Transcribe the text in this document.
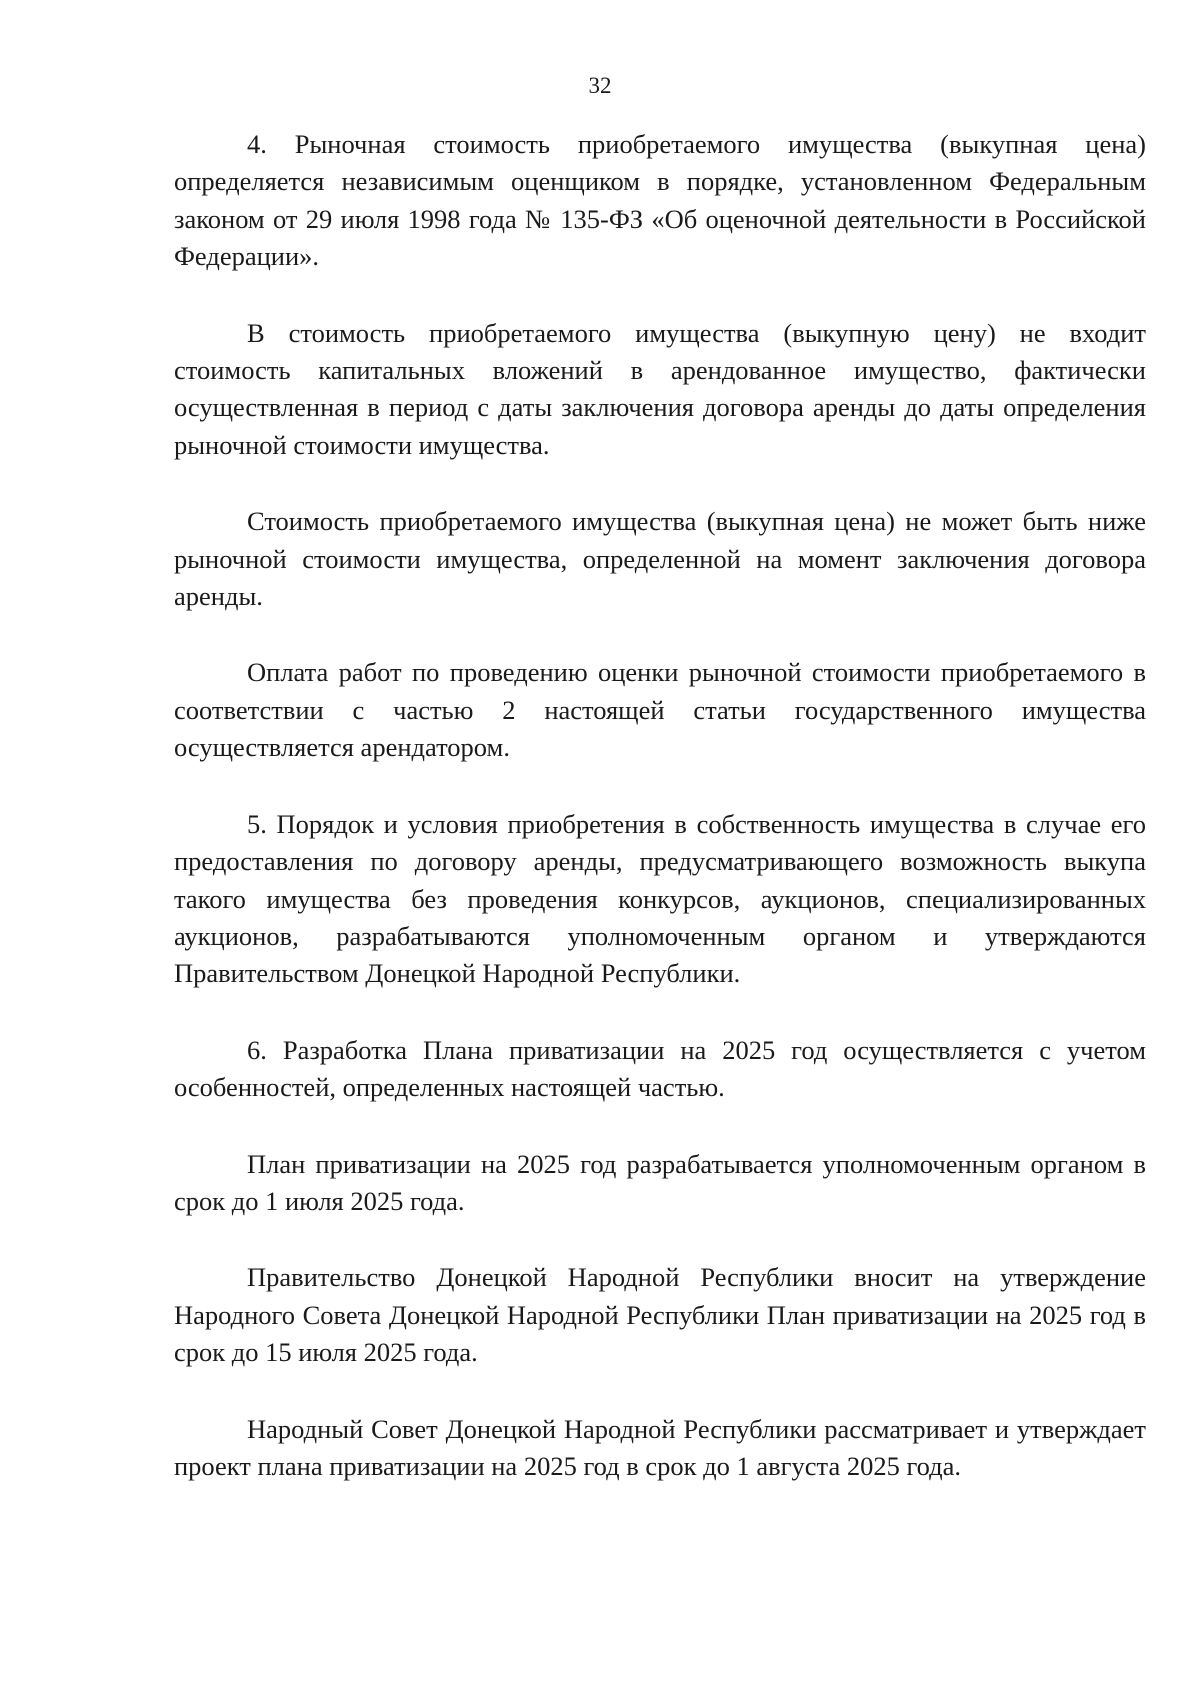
32

4. Рыночная стоимость приобретаемого имущества (выкупная цена) определяется независимым оценщиком в порядке, установленном Федеральным законом от 29 июля 1998 года № 135-ФЗ «Об оценочной деятельности в Российской Федерации».

В стоимость приобретаемого имущества (выкупную цену) не входит стоимость капитальных вложений в арендованное имущество, фактически осуществленная в период с даты заключения договора аренды до даты определения рыночной стоимости имущества.

Стоимость приобретаемого имущества (выкупная цена) не может быть ниже рыночной стоимости имущества, определенной на момент заключения договора аренды.

Оплата работ по проведению оценки рыночной стоимости приобретаемого в соответствии с частью 2 настоящей статьи государственного имущества осуществляется арендатором.

5. Порядок и условия приобретения в собственность имущества в случае его предоставления по договору аренды, предусматривающего возможность выкупа такого имущества без проведения конкурсов, аукционов, специализированных аукционов, разрабатываются уполномоченным органом и утверждаются Правительством Донецкой Народной Республики.

6. Разработка Плана приватизации на 2025 год осуществляется с учетом особенностей, определенных настоящей частью.

План приватизации на 2025 год разрабатывается уполномоченным органом в срок до 1 июля 2025 года.

Правительство Донецкой Народной Республики вносит на утверждение Народного Совета Донецкой Народной Республики План приватизации на 2025 год в срок до 15 июля 2025 года.

Народный Совет Донецкой Народной Республики рассматривает и утверждает проект плана приватизации на 2025 год в срок до 1 августа 2025 года.
